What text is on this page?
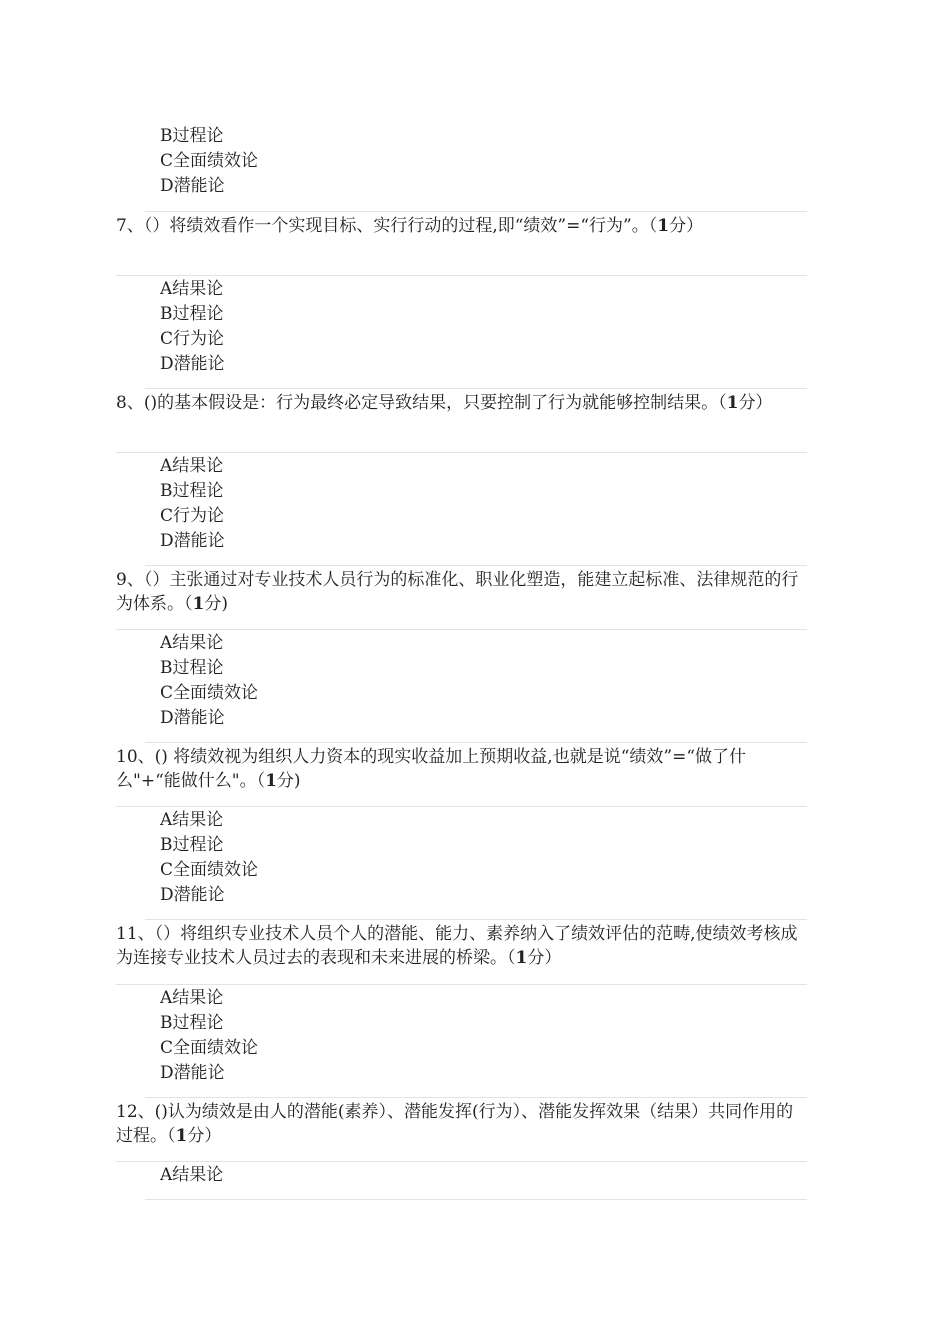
B过程论
C全面绩效论
D潜能论
7、（）将绩效看作一个实现目标、实行行动的过程,即“绩效”=“行为”。（1分）
A结果论
B过程论
C行为论
D潜能论
8、()的基本假设是：行为最终必定导致结果，只要控制了行为就能够控制结果。（1分）
A结果论
B过程论
C行为论
D潜能论
9、（）主张通过对专业技术人员行为的标准化、职业化塑造，能建立起标准、法律规范的行为体系。（1分)
A结果论
B过程论
C全面绩效论
D潜能论
10、() 将绩效视为组织人力资本的现实收益加上预期收益,也就是说“绩效”=“做了什么"+“能做什么"。（1分)
A结果论
B过程论
C全面绩效论
D潜能论
11、（）将组织专业技术人员个人的潜能、能力、素养纳入了绩效评估的范畴,使绩效考核成为连接专业技术人员过去的表现和未来进展的桥梁。（1分）
A结果论
B过程论
C全面绩效论
D潜能论
12、()认为绩效是由人的潜能(素养）、潜能发挥(行为）、潜能发挥效果（结果）共同作用的过程。（1分）
A结果论
